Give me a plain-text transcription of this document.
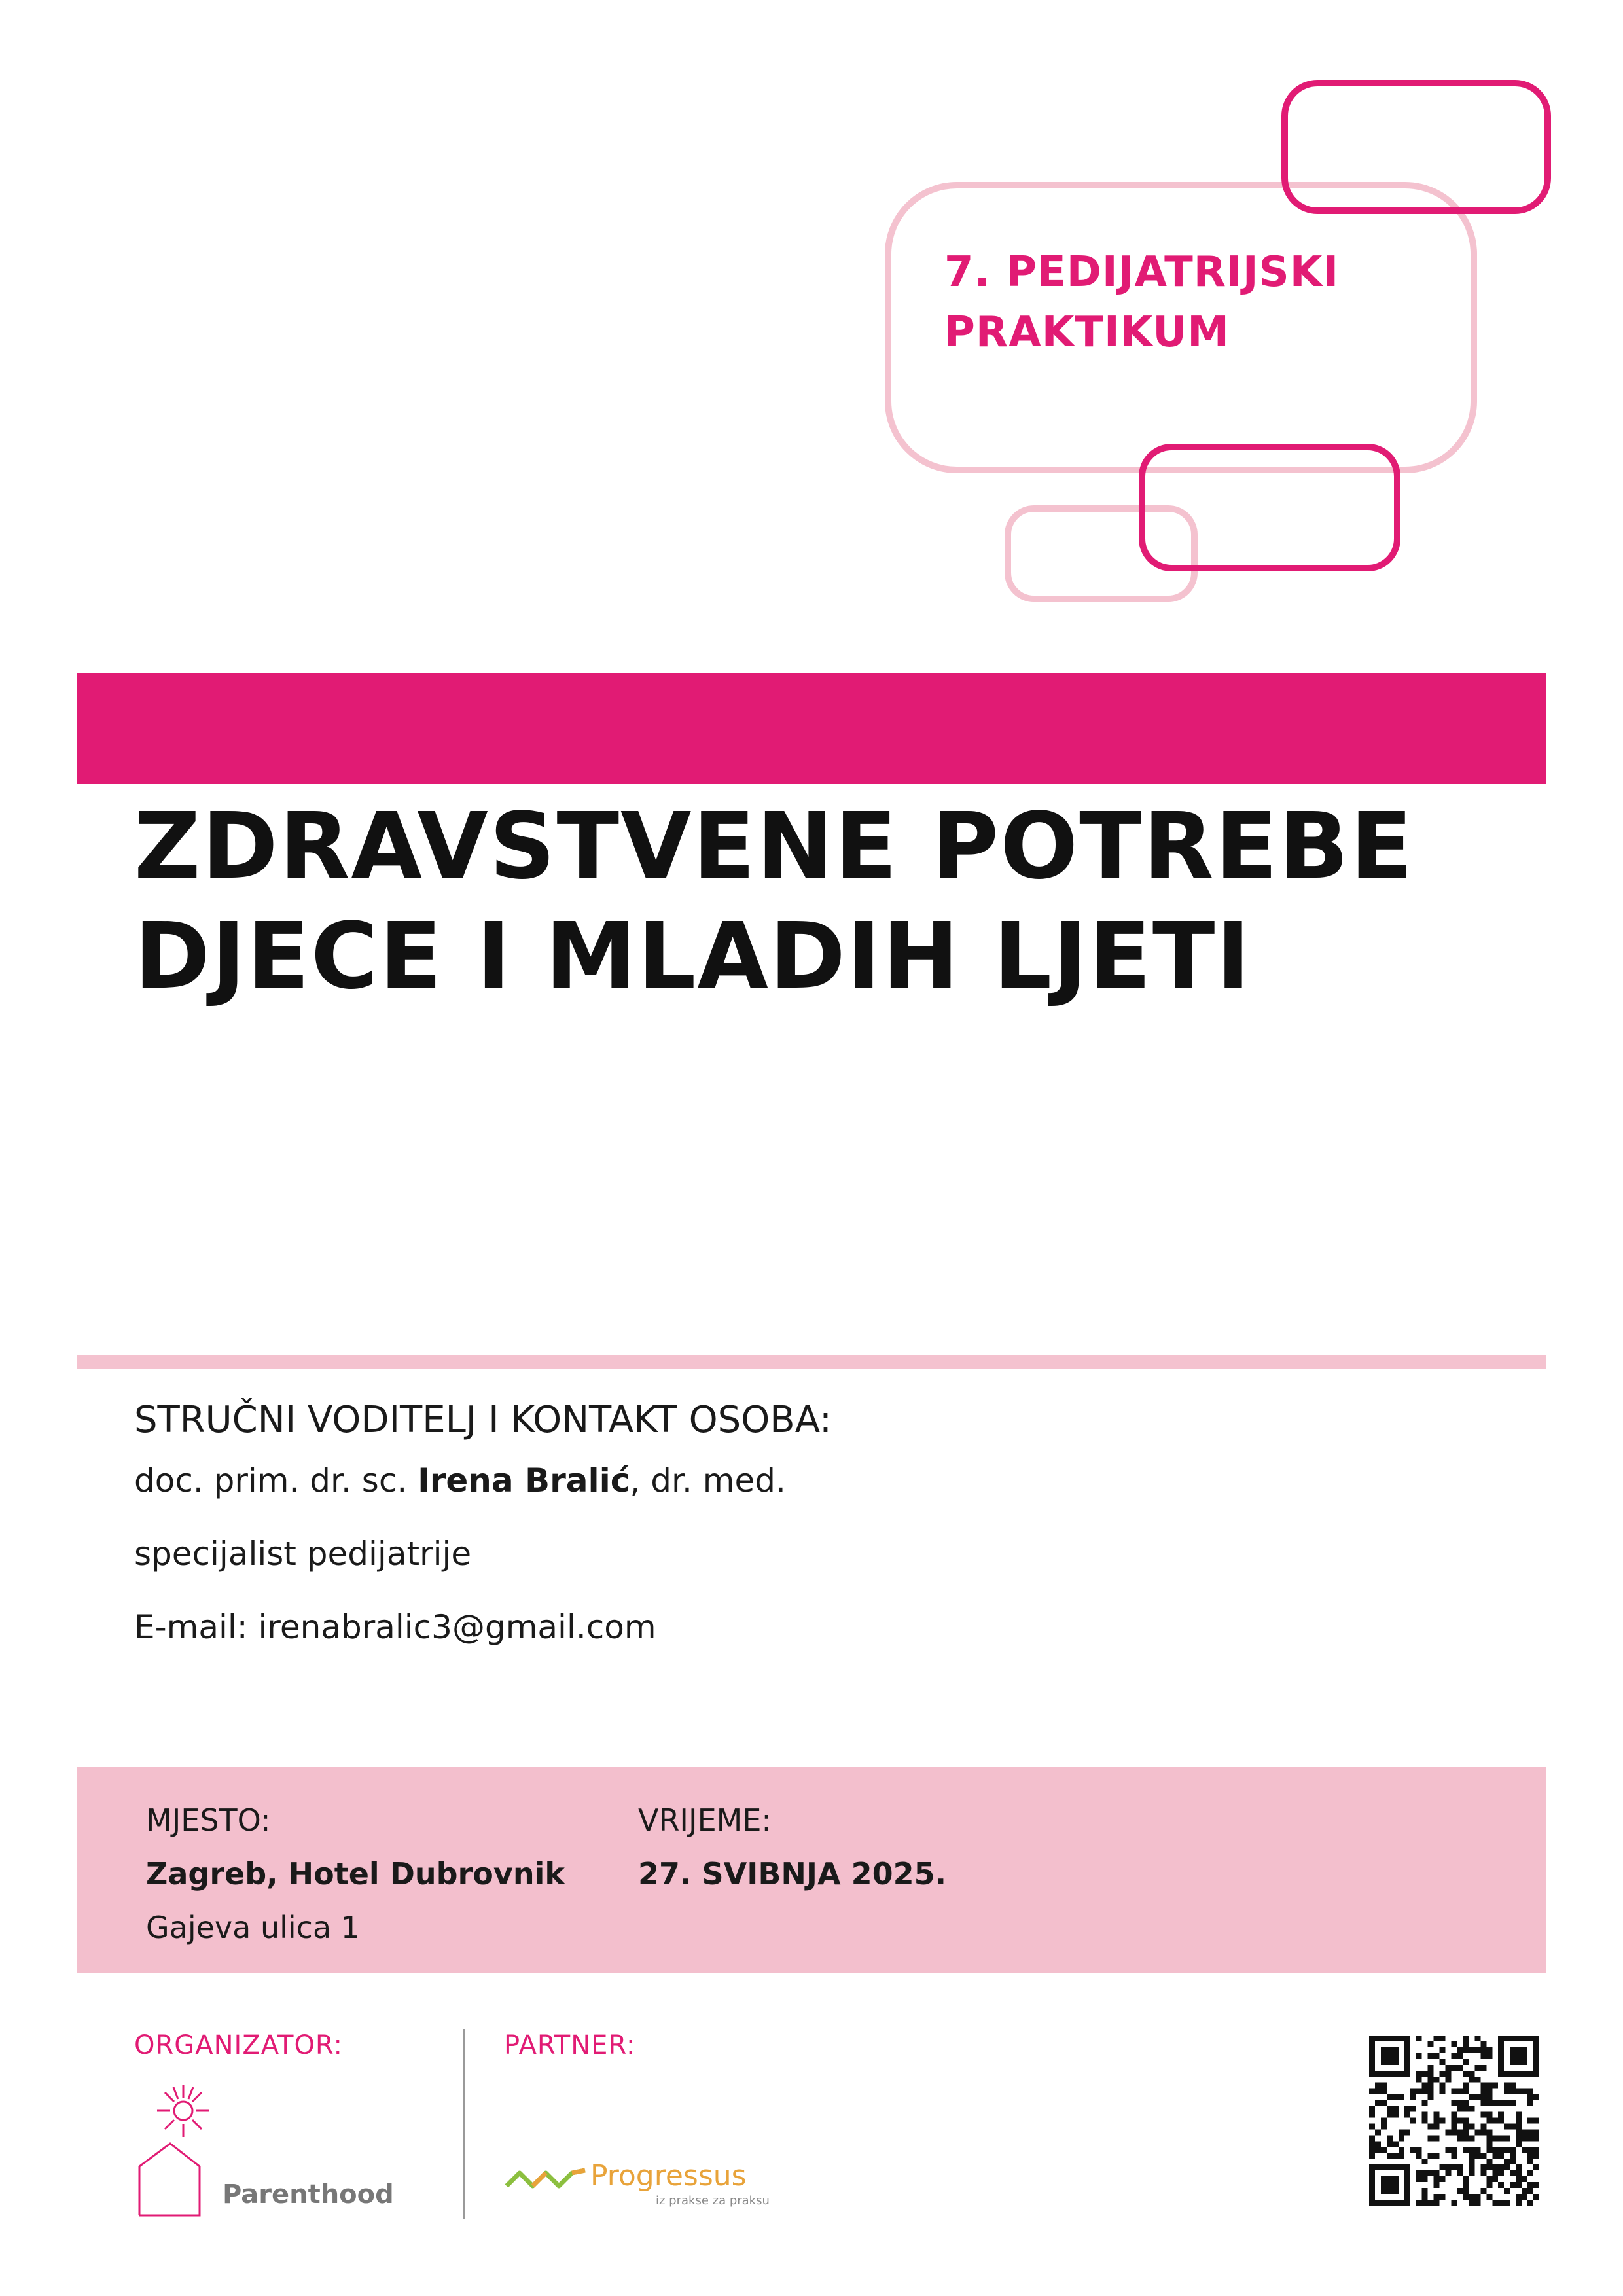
7. PEDIJATRIJSKI
PRAKTIKUM
ZDRAVSTVENE POTREBE
DJECE I MLADIH LJETI

STRUČNI VODITELJ I KONTAKT OSOBA:

doc. prim. dr. sc. Irena Bralić, dr. med.

specijalist pedijatrije

E-mail: irenabralic3@gmail.com

MJESTO:

Zagreb, Hotel Dubrovnik

Gajeva ulica 1

VRIJEME:

27. SVIBNJA 2025.

ORGANIZATOR:
Parenthood
PARTNER:
Progressus
iz prakse za praksu
